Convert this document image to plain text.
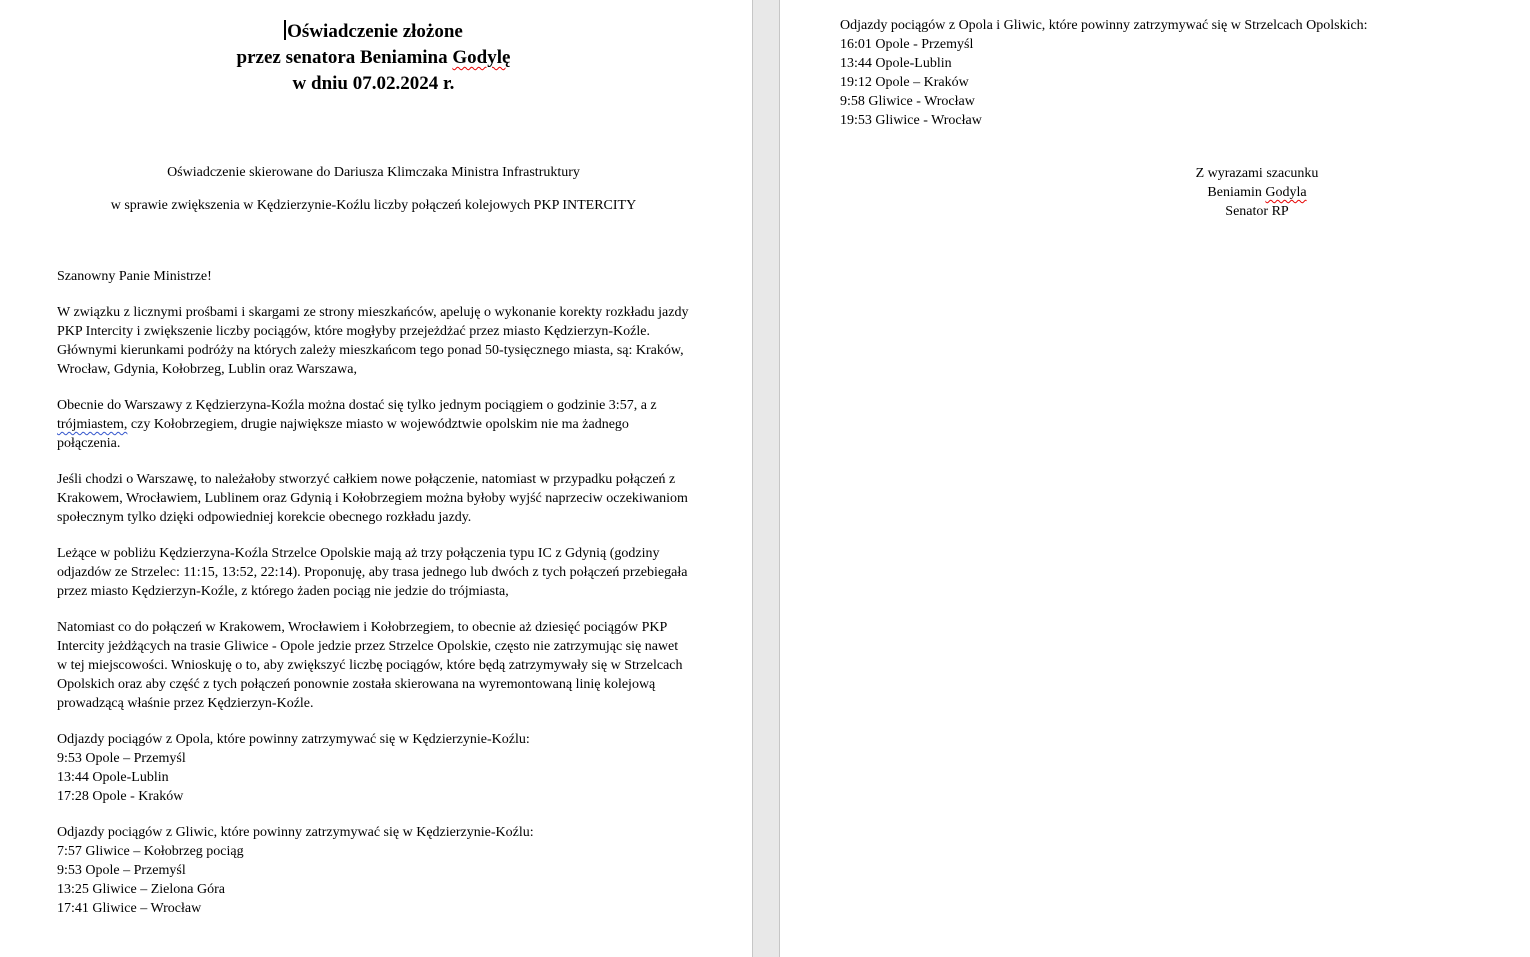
Oświadczenie złożone
przez senatora Beniamina Godylę
w dniu 07.02.2024 r.
Oświadczenie skierowane do Dariusza Klimczaka Ministra Infrastruktury
w sprawie zwiększenia w Kędzierzynie-Koźlu liczby połączeń kolejowych PKP INTERCITY
Szanowny Panie Ministrze!
W związku z licznymi prośbami i skargami ze strony mieszkańców, apeluję o wykonanie korekty rozkładu jazdy PKP Intercity i zwiększenie liczby pociągów, które mogłyby przejeżdżać przez miasto Kędzierzyn-Koźle. Głównymi kierunkami podróży na których zależy mieszkańcom tego ponad 50-tysięcznego miasta, są: Kraków, Wrocław, Gdynia, Kołobrzeg, Lublin oraz Warszawa,
Obecnie do Warszawy z Kędzierzyna-Koźla można dostać się tylko jednym pociągiem o godzinie 3:57, a z trójmiastem, czy Kołobrzegiem, drugie największe miasto w województwie opolskim nie ma żadnego połączenia.
Jeśli chodzi o Warszawę, to należałoby stworzyć całkiem nowe połączenie, natomiast w przypadku połączeń z Krakowem, Wrocławiem, Lublinem oraz Gdynią i Kołobrzegiem można byłoby wyjść naprzeciw oczekiwaniom społecznym tylko dzięki odpowiedniej korekcie obecnego rozkładu jazdy.
Leżące w pobliżu Kędzierzyna-Koźla Strzelce Opolskie mają aż trzy połączenia typu IC z Gdynią (godziny odjazdów ze Strzelec: 11:15, 13:52, 22:14). Proponuję, aby trasa jednego lub dwóch z tych połączeń przebiegała przez miasto Kędzierzyn-Koźle, z którego żaden pociąg nie jedzie do trójmiasta,
Natomiast co do połączeń w Krakowem, Wrocławiem i Kołobrzegiem, to obecnie aż dziesięć pociągów PKP Intercity jeżdżących na trasie Gliwice - Opole jedzie przez Strzelce Opolskie, często nie zatrzymując się nawet w tej miejscowości. Wnioskuję o to, aby zwiększyć liczbę pociągów, które będą zatrzymywały się w Strzelcach Opolskich oraz aby część z tych połączeń ponownie została skierowana na wyremontowaną linię kolejową prowadzącą właśnie przez Kędzierzyn-Koźle.
Odjazdy pociągów z Opola, które powinny zatrzymywać się w Kędzierzynie-Koźlu:
9:53 Opole – Przemyśl
13:44 Opole-Lublin
17:28 Opole - Kraków
Odjazdy pociągów z Gliwic, które powinny zatrzymywać się w Kędzierzynie-Koźlu:
7:57 Gliwice – Kołobrzeg pociąg
9:53 Opole – Przemyśl
13:25 Gliwice – Zielona Góra
17:41 Gliwice – Wrocław
Odjazdy pociągów z Opola i Gliwic, które powinny zatrzymywać się w Strzelcach Opolskich:
16:01 Opole - Przemyśl
13:44 Opole-Lublin
19:12 Opole – Kraków
9:58 Gliwice - Wrocław
19:53 Gliwice - Wrocław
Z wyrazami szacunku
Beniamin Godyla
Senator RP
